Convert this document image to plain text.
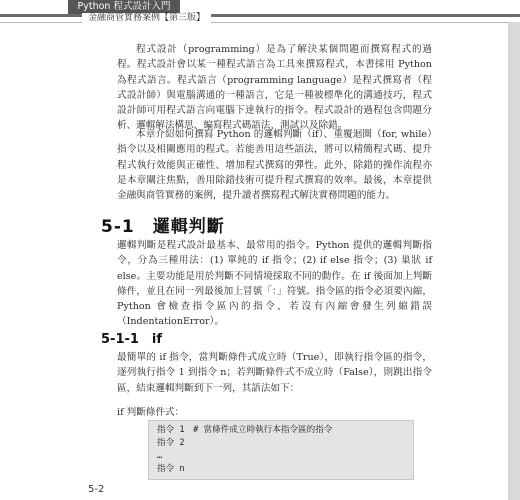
Python 程式設計入門
金融商管實務案例【第三版】

程式設計（programming）是為了解決某個問題而撰寫程式的過程。程式設計會以某一種程式語言為工具來撰寫程式，本書採用 Python 為程式語言。程式語言（programming language）是程式撰寫者（程式設計師）與電腦溝通的一種語言，它是一種被標準化的溝通技巧，程式設計師可用程式語言向電腦下達執行的指令。程式設計的過程包含問題分析、邏輯解法構思、編寫程式碼語法、測試以及除錯。

本章介紹如何撰寫 Python 的邏輯判斷（if）、重覆迴圈（for, while）指令以及相關應用的程式。若能善用這些語法，將可以精簡程式碼、提升程式執行效能與正確性、增加程式撰寫的彈性。此外，除錯的操作流程亦是本章關注焦點，善用除錯技術可提升程式撰寫的效率。最後，本章提供金融與商管實務的案例，提升讀者撰寫程式解決實務問題的能力。

5-1　邏輯判斷

邏輯判斷是程式設計最基本、最常用的指令。Python 提供的邏輯判斷指令，分為三種用法：(1) 單純的 if 指令；(2) if else 指令；(3) 巢狀 if else。主要功能是用於判斷不同情境採取不同的動作。在 if 後面加上判斷條件，並且在同一列最後加上冒號「：」符號。指令區的指令必須要內縮，Python 會檢查指令區內的指令，若沒有內縮會發生列縮錯誤（IndentationError）。

5-1-1　if

最簡單的 if 指令，當判斷條件式成立時（True），即執行指令區的指令，逐列執行指令 1 到指令 n；若判斷條件式不成立時（False），則跳出指令區，結束邏輯判斷到下一列，其語法如下：

if 判斷條件式：
指令 1　# 當條件成立時執行本指令區的指令
指令 2
…
指令 n
5-2
